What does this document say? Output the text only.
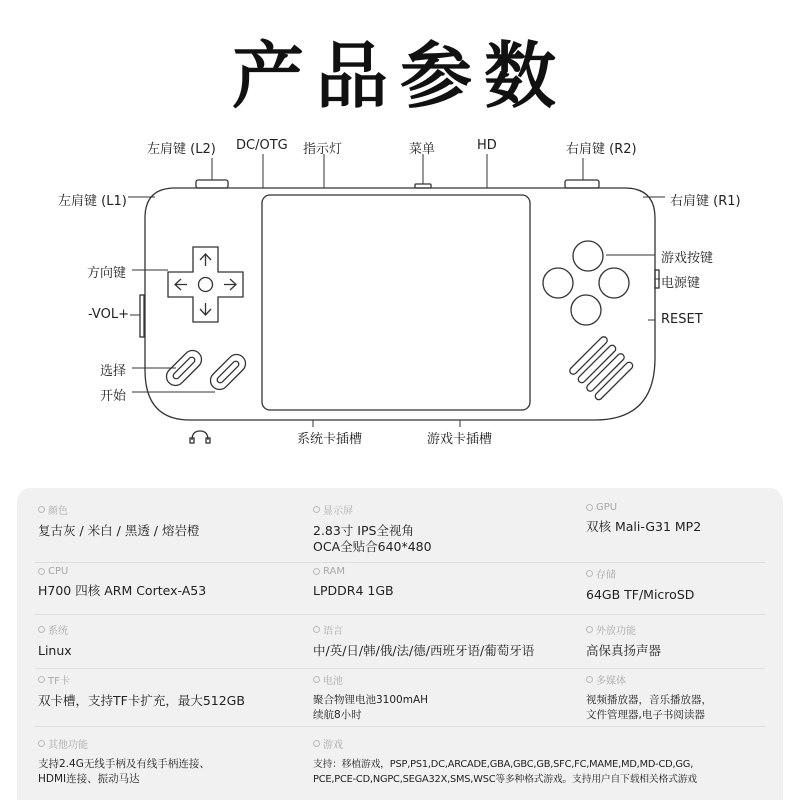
产品参数
左肩键 (L2) DC/OTG 指示灯	菜单	HD	右肩键 (R2)
左肩键 (L1)	右肩键 (R1)
方向键
游戏按键
电源键
-VOL+	RESET
选择
开始
系统卡插槽	游戏卡插槽
颜色
复古灰 / 米白 / 黑透 / 熔岩橙
显示屏
2.83寸 IPS全视角
OCA全贴合640*480
GPU
双核 Mali-G31 MP2
CPU
H700 四核 ARM Cortex-A53
RAM
LPDDR4 1GB
存储
64GB TF/MicroSD
系统
Linux
语言
中/英/日/韩/俄/法/德/西班牙语/葡萄牙语
外放功能
高保真扬声器
TF卡
双卡槽，支持TF卡扩充，最大512GB
电池
聚合物锂电池3100mAH
续航8小时
多媒体
视频播放器，音乐播放器，
文件管理器,电子书阅读器
其他功能
支持2.4G无线手柄及有线手柄连接、
HDMI连接、振动马达
游戏
支持：移植游戏，PSP,PS1,DC,ARCADE,GBA,GBC,GB,SFC,FC,MAME,MD,MD-CD,GG,
PCE,PCE-CD,NGPC,SEGA32X,SMS,WSC等多种格式游戏。支持用户自下载相关格式游戏
